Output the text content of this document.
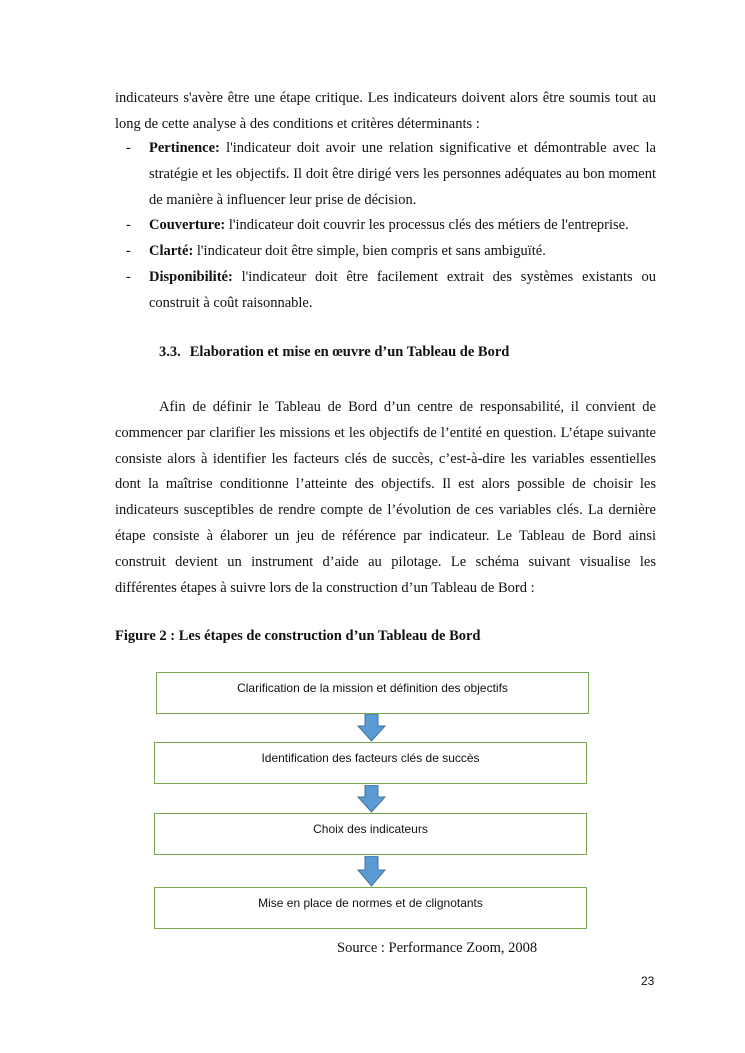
indicateurs s'avère être une étape critique. Les indicateurs doivent alors être soumis tout au long de cette analyse à des conditions et critères déterminants :
- Pertinence: l'indicateur doit avoir une relation significative et démontrable avec la stratégie et les objectifs. Il doit être dirigé vers les personnes adéquates au bon moment de manière à influencer leur prise de décision.
- Couverture: l'indicateur doit couvrir les processus clés des métiers de l'entreprise.
- Clarté: l'indicateur doit être simple, bien compris et sans ambiguïté.
- Disponibilité: l'indicateur doit être facilement extrait des systèmes existants ou construit à coût raisonnable.
3.3. Elaboration et mise en œuvre d’un Tableau de Bord
Afin de définir le Tableau de Bord d’un centre de responsabilité, il convient de commencer par clarifier les missions et les objectifs de l’entité en question. L’étape suivante consiste alors à identifier les facteurs clés de succès, c’est-à-dire les variables essentielles dont la maîtrise conditionne l’atteinte des objectifs. Il est alors possible de choisir les indicateurs susceptibles de rendre compte de l’évolution de ces variables clés. La dernière étape consiste à élaborer un jeu de référence par indicateur. Le Tableau de Bord ainsi construit devient un instrument d’aide au pilotage. Le schéma suivant visualise les différentes étapes à suivre lors de la construction d’un Tableau de Bord :
Figure 2 : Les étapes de construction d’un Tableau de Bord
Clarification de la mission et définition des objectifs
Identification des facteurs clés de succès
Choix des indicateurs
Mise en place de normes et de clignotants
Source : Performance Zoom, 2008
23
